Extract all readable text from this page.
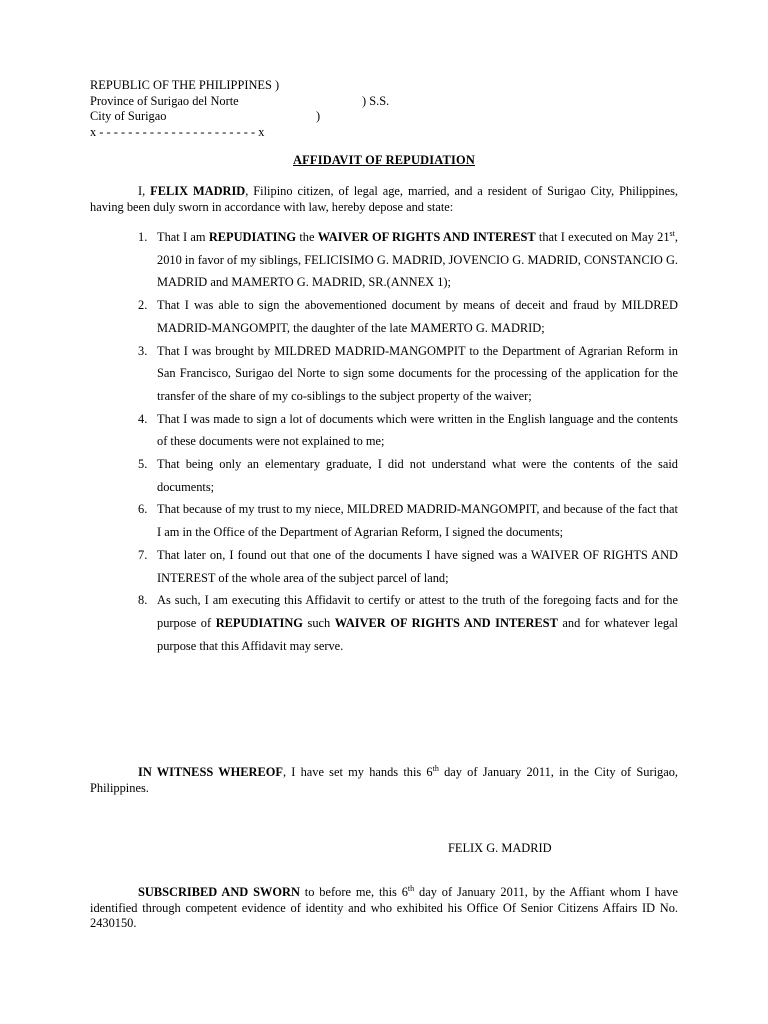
REPUBLIC OF THE PHILIPPINES )
Province of Surigao del Norte	) S.S.
City of Surigao	)
x - - - - - - - - - - - - - - - - - - - - - - x
AFFIDAVIT OF REPUDIATION
I, FELIX MADRID, Filipino citizen, of legal age, married, and a resident of Surigao City, Philippines, having been duly sworn in accordance with law, hereby depose and state:
1. That I am REPUDIATING the WAIVER OF RIGHTS AND INTEREST that I executed on May 21st, 2010 in favor of my siblings, FELICISIMO G. MADRID, JOVENCIO G. MADRID, CONSTANCIO G. MADRID and MAMERTO G. MADRID, SR.(ANNEX 1);
2. That I was able to sign the abovementioned document by means of deceit and fraud by MILDRED MADRID-MANGOMPIT, the daughter of the late MAMERTO G. MADRID;
3. That I was brought by MILDRED MADRID-MANGOMPIT to the Department of Agrarian Reform in San Francisco, Surigao del Norte to sign some documents for the processing of the application for the transfer of the share of my co-siblings to the subject property of the waiver;
4. That I was made to sign a lot of documents which were written in the English language and the contents of these documents were not explained to me;
5. That being only an elementary graduate, I did not understand what were the contents of the said documents;
6. That because of my trust to my niece, MILDRED MADRID-MANGOMPIT, and because of the fact that I am in the Office of the Department of Agrarian Reform, I signed the documents;
7. That later on, I found out that one of the documents I have signed was a WAIVER OF RIGHTS AND INTEREST of the whole area of the subject parcel of land;
8. As such, I am executing this Affidavit to certify or attest to the truth of the foregoing facts and for the purpose of REPUDIATING such WAIVER OF RIGHTS AND INTEREST and for whatever legal purpose that this Affidavit may serve.
IN WITNESS WHEREOF, I have set my hands this 6th day of January 2011, in the City of Surigao, Philippines.
FELIX G. MADRID
SUBSCRIBED AND SWORN to before me, this 6th day of January 2011, by the Affiant whom I have identified through competent evidence of identity and who exhibited his Office Of Senior Citizens Affairs ID No. 2430150.
